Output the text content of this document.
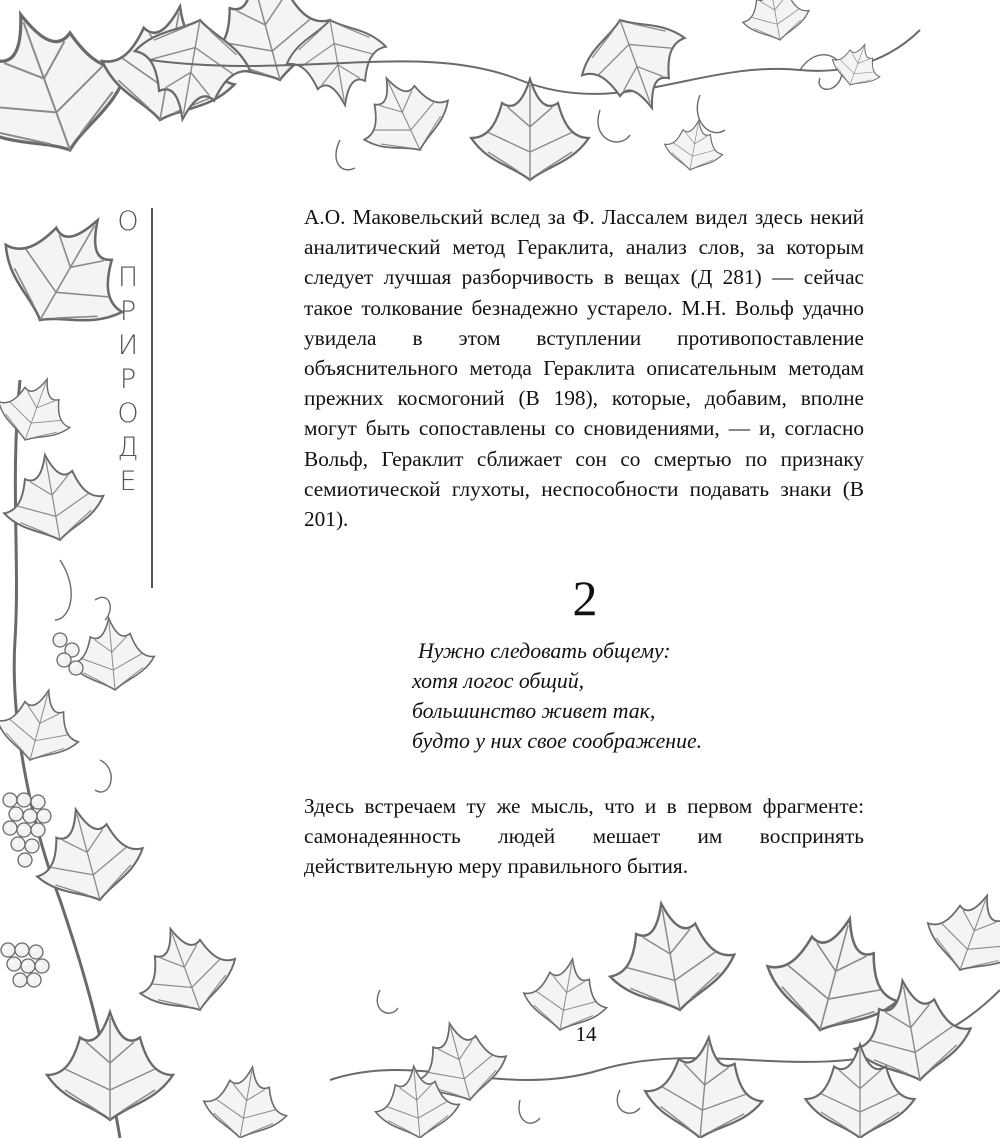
О
П
Р
И
Р
О
Д
Е

А.О. Маковельский вслед за Ф. Лассалем видел здесь некий аналитический метод Гераклита, анализ слов, за которым следует лучшая разборчивость в вещах (Д 281) — сейчас такое толкование безнадежно устарело. М.Н. Вольф удачно увидела в этом вступлении противопоставление объяснительного метода Гераклита описательным методам прежних космогоний (В 198), которые, добавим, вполне могут быть сопоставлены со сновидениями, — и, согласно Вольф, Гераклит сближает сон со смертью по признаку семиотической глухоты, неспособности подавать знаки (В 201).

2
Нужно следовать общему:
хотя логос общий,
большинство живет так,
будто у них свое соображение.

Здесь встречаем ту же мысль, что и в первом фрагменте: самонадеянность людей мешает им воспринять действительную меру правильного бытия.

14
